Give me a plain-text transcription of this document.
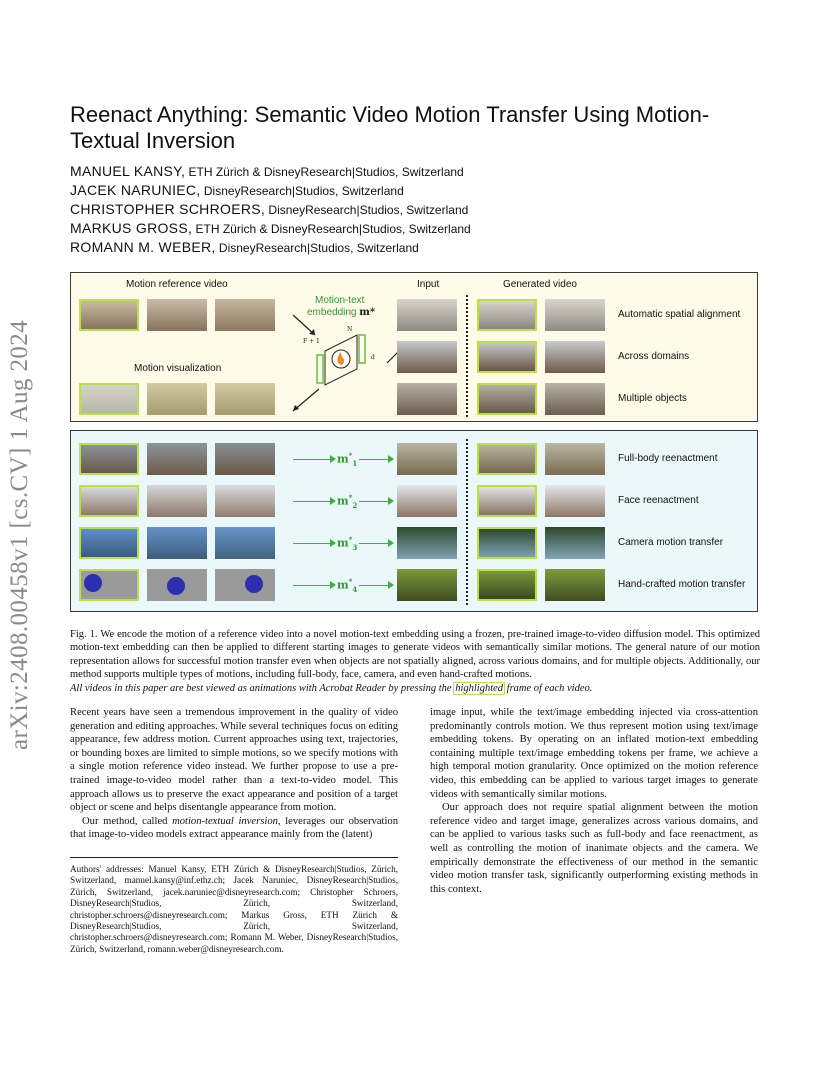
arXiv:2408.00458v1 [cs.CV] 1 Aug 2024
Reenact Anything: Semantic Video Motion Transfer Using Motion-Textual Inversion
MANUEL KANSY, ETH Zürich & DisneyResearch|Studios, Switzerland
JACEK NARUNIEC, DisneyResearch|Studios, Switzerland
CHRISTOPHER SCHROERS, DisneyResearch|Studios, Switzerland
MARKUS GROSS, ETH Zürich & DisneyResearch|Studios, Switzerland
ROMANN M. WEBER, DisneyResearch|Studios, Switzerland
Motion reference video	Input	Generated video
Motion visualization
Motion-text
embedding m*
F + 1
N
d
Automatic spatial alignment
Across domains
Multiple objects
$m^*_1$	Full-body reenactment
$m^*_2$	Face reenactment
$m^*_3$	Camera motion transfer
$m^*_4$	Hand-crafted motion transfer
Fig. 1. We encode the motion of a reference video into a novel motion-text embedding using a frozen, pre-trained image-to-video diffusion model. This optimized motion-text embedding can then be applied to different starting images to generate videos with semantically similar motions. The general nature of our motion representation allows for successful motion transfer even when objects are not spatially aligned, across various domains, and for multiple objects. Additionally, our method supports multiple types of motions, including full-body, face, camera, and even hand-crafted motions.
All videos in this paper are best viewed as animations with Acrobat Reader by pressing the highlighted frame of each video.

Recent years have seen a tremendous improvement in the quality of video generation and editing approaches. While several techniques focus on editing appearance, few address motion. Current approaches using text, trajectories, or bounding boxes are limited to simple motions, so we specify motions with a single motion reference video instead. We further propose to use a pre-trained image-to-video model rather than a text-to-video model. This approach allows us to preserve the exact appearance and position of a target object or scene and helps disentangle appearance from motion.

Our method, called motion-textual inversion, leverages our observation that image-to-video models extract appearance mainly from the (latent)

Authors' addresses: Manuel Kansy, ETH Zürich & DisneyResearch|Studios, Zürich, Switzerland, manuel.kansy@inf.ethz.ch; Jacek Naruniec, DisneyResearch|Studios, Zürich, Switzerland, jacek.naruniec@disneyresearch.com; Christopher Schroers, DisneyResearch|Studios, Zürich, Switzerland, christopher.schroers@disneyresearch.com; Markus Gross, ETH Zürich & DisneyResearch|Studios, Zürich, Switzerland, christopher.schroers@disneyresearch.com; Romann M. Weber, DisneyResearch|Studios, Zürich, Switzerland, romann.weber@disneyresearch.com.

image input, while the text/image embedding injected via cross-attention predominantly controls motion. We thus represent motion using text/image embedding tokens. By operating on an inflated motion-text embedding containing multiple text/image embedding tokens per frame, we achieve a high temporal motion granularity. Once optimized on the motion reference video, this embedding can be applied to various target images to generate videos with semantically similar motions.

Our approach does not require spatial alignment between the motion reference video and target image, generalizes across various domains, and can be applied to various tasks such as full-body and face reenactment, as well as controlling the motion of inanimate objects and the camera. We empirically demonstrate the effectiveness of our method in the semantic video motion transfer task, significantly outperforming existing methods in this context.
